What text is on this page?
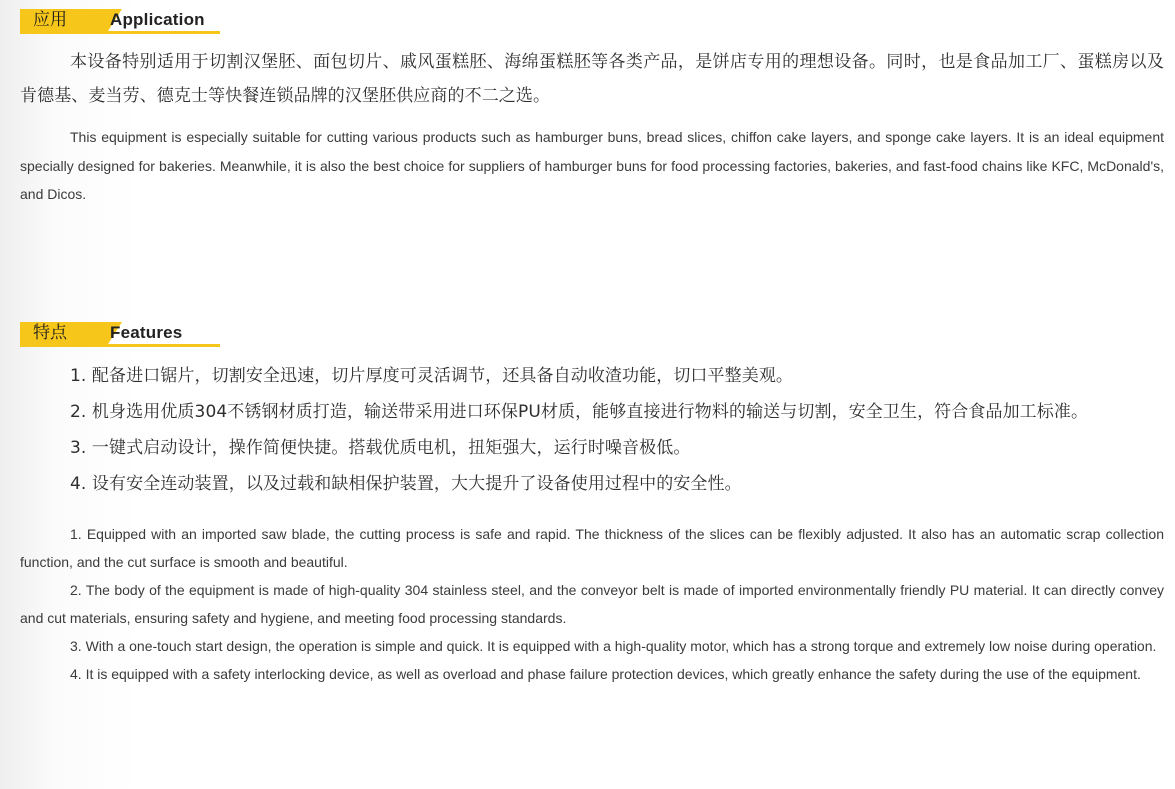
应用	Application

本设备特别适用于切割汉堡胚、面包切片、戚风蛋糕胚、海绵蛋糕胚等各类产品，是饼店专用的理想设备。同时，也是食品加工厂、蛋糕房以及肯德基、麦当劳、德克士等快餐连锁品牌的汉堡胚供应商的不二之选。

This equipment is especially suitable for cutting various products such as hamburger buns, bread slices, chiffon cake layers, and sponge cake layers. It is an ideal equipment specially designed for bakeries. Meanwhile, it is also the best choice for suppliers of hamburger buns for food processing factories, bakeries, and fast-food chains like KFC, McDonald's, and Dicos.

特点	Features

1. 配备进口锯片，切割安全迅速，切片厚度可灵活调节，还具备自动收渣功能，切口平整美观。

2. 机身选用优质304不锈钢材质打造，输送带采用进口环保PU材质，能够直接进行物料的输送与切割，安全卫生，符合食品加工标准。

3. 一键式启动设计，操作简便快捷。搭载优质电机，扭矩强大，运行时噪音极低。

4. 设有安全连动装置，以及过载和缺相保护装置，大大提升了设备使用过程中的安全性。

1. Equipped with an imported saw blade, the cutting process is safe and rapid. The thickness of the slices can be flexibly adjusted. It also has an automatic scrap collection function, and the cut surface is smooth and beautiful.

2. The body of the equipment is made of high-quality 304 stainless steel, and the conveyor belt is made of imported environmentally friendly PU material. It can directly convey and cut materials, ensuring safety and hygiene, and meeting food processing standards.

3. With a one-touch start design, the operation is simple and quick. It is equipped with a high-quality motor, which has a strong torque and extremely low noise during operation.

4. It is equipped with a safety interlocking device, as well as overload and phase failure protection devices, which greatly enhance the safety during the use of the equipment.
